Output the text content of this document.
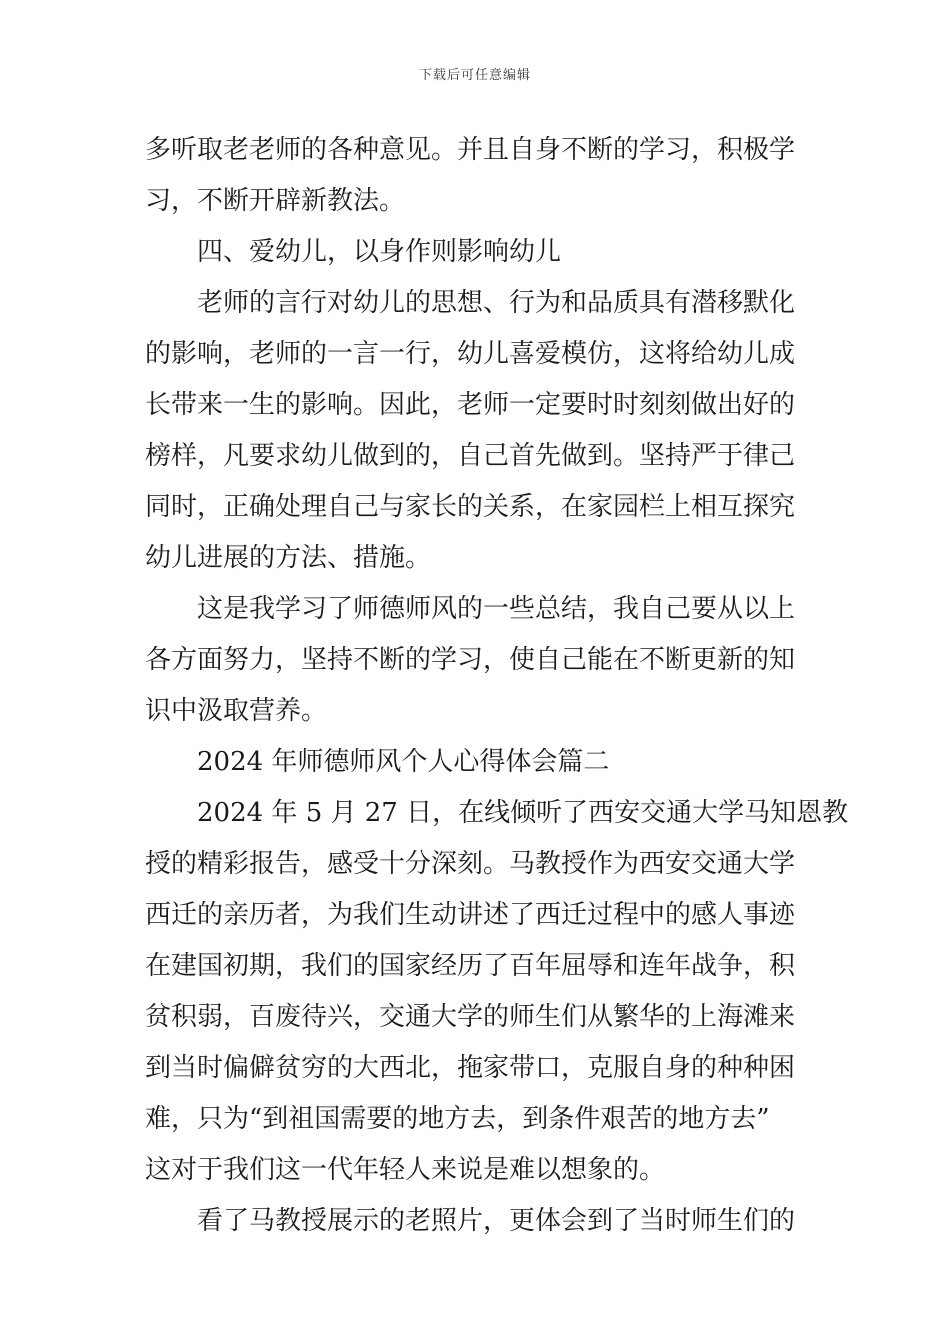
下载后可任意编辑
多听取老老师的各种意见。并且自身不断的学习，积极学
习，不断开辟新教法。
四、爱幼儿，以身作则影响幼儿
老师的言行对幼儿的思想、行为和品质具有潜移默化
的影响，老师的一言一行，幼儿喜爱模仿，这将给幼儿成
长带来一生的影响。因此，老师一定要时时刻刻做出好的
榜样，凡要求幼儿做到的，自己首先做到。坚持严于律己
同时，正确处理自己与家长的关系，在家园栏上相互探究
幼儿进展的方法、措施。
这是我学习了师德师风的一些总结，我自己要从以上
各方面努力，坚持不断的学习，使自己能在不断更新的知
识中汲取营养。
2024 年师德师风个人心得体会篇二
2024 年 5 月 27 日，在线倾听了西安交通大学马知恩教
授的精彩报告，感受十分深刻。马教授作为西安交通大学
西迁的亲历者，为我们生动讲述了西迁过程中的感人事迹
在建国初期，我们的国家经历了百年屈辱和连年战争，积
贫积弱，百废待兴，交通大学的师生们从繁华的上海滩来
到当时偏僻贫穷的大西北，拖家带口，克服自身的种种困
难，只为“到祖国需要的地方去，到条件艰苦的地方去”
这对于我们这一代年轻人来说是难以想象的。
看了马教授展示的老照片，更体会到了当时师生们的
